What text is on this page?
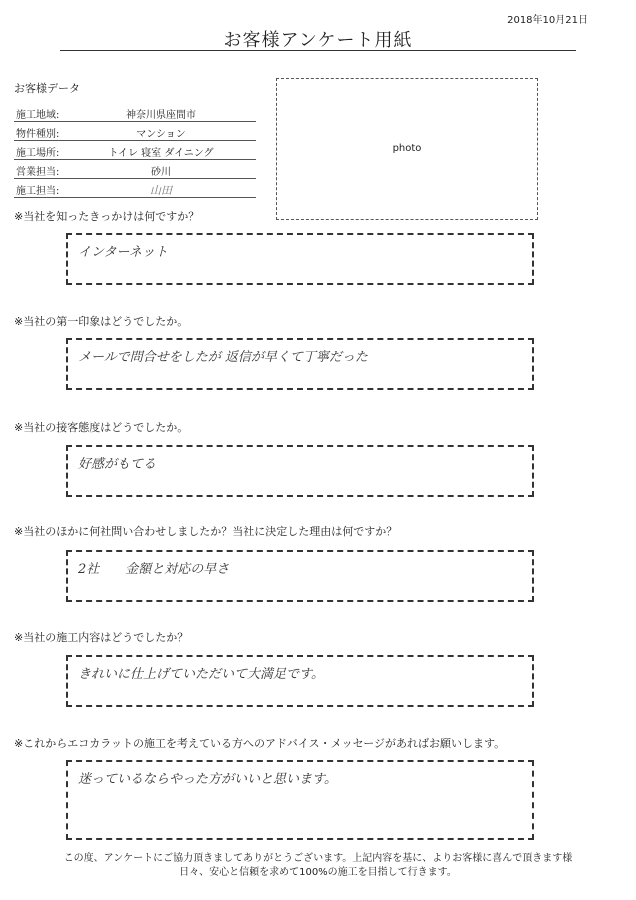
2018年10月21日
お客様アンケート用紙
お客様データ
施工地域:	神奈川県座間市
物件種別:	マンション
施工場所:	トイレ 寝室 ダイニング
営業担当:	砂川
施工担当:	山田
photo
※当社を知ったきっかけは何ですか？
インターネット
※当社の第一印象はどうでしたか。
メールで問合せをしたが 返信が早くて丁寧だった
※当社の接客態度はどうでしたか。
好感がもてる
※当社のほかに何社問い合わせしましたか？当社に決定した理由は何ですか？
2社　　金額と対応の早さ
※当社の施工内容はどうでしたか？
きれいに仕上げていただいて大満足です。
※これからエコカラットの施工を考えている方へのアドバイス・メッセージがあればお願いします。
迷っているならやった方がいいと思います。
この度、アンケートにご協力頂きましてありがとうございます。上記内容を基に、よりお客様に喜んで頂きます様
日々、安心と信頼を求めて100%の施工を目指して行きます。
